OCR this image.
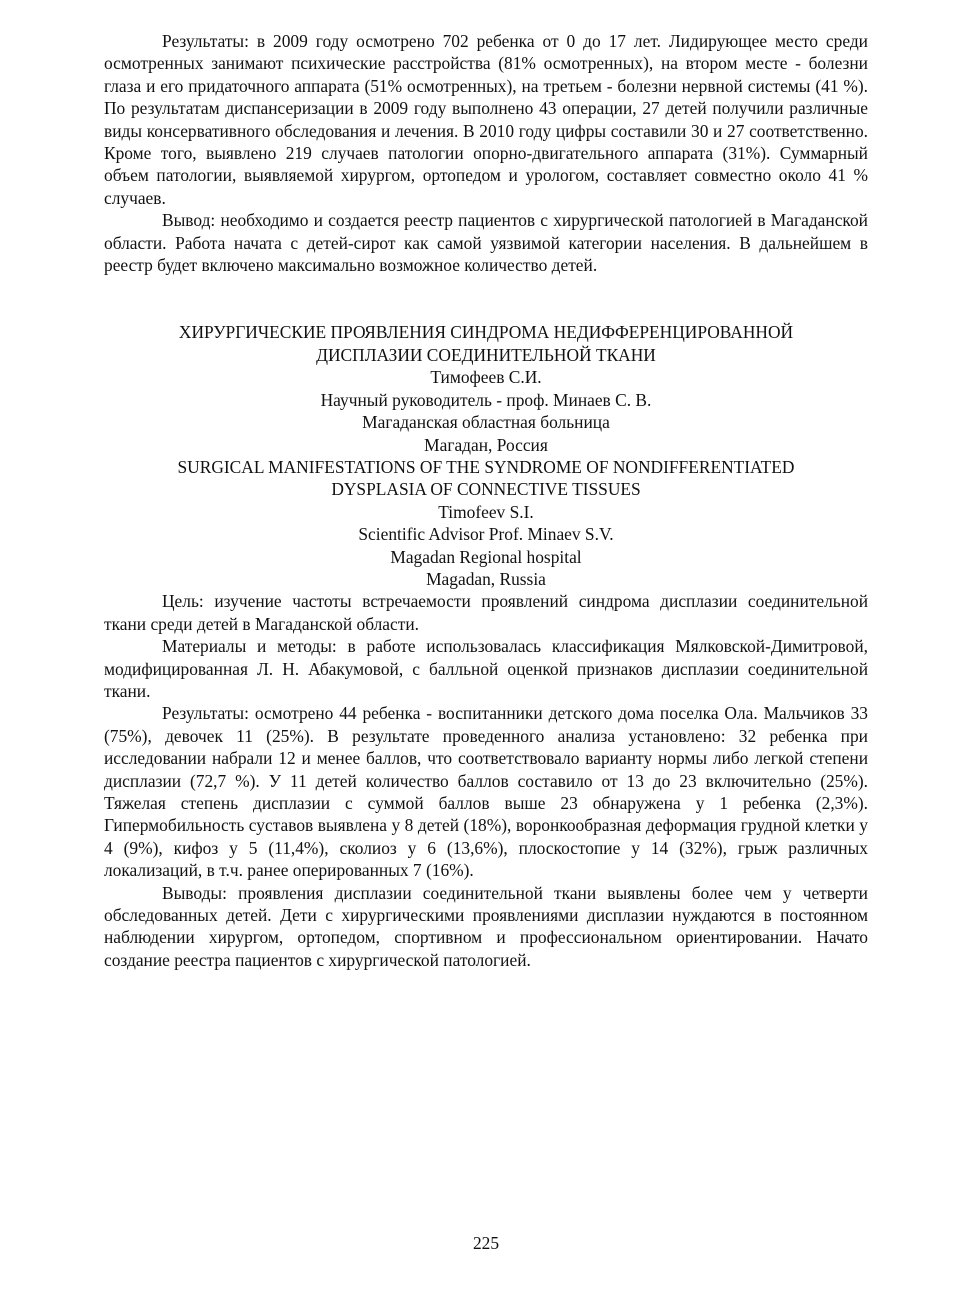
Результаты: в 2009 году осмотрено 702 ребенка от 0 до 17 лет. Лидирующее место среди осмотренных занимают психические расстройства (81% осмотренных), на втором месте - болезни глаза и его придаточного аппарата (51% осмотренных), на третьем - болезни нервной системы (41 %). По результатам диспансеризации в 2009 году выполнено 43 операции, 27 детей получили различные виды консервативного обследования и лечения. В 2010 году цифры составили 30 и 27 соответственно. Кроме того, выявлено 219 случаев патологии опорно-двигательного аппарата (31%). Суммарный объем патологии, выявляемой хирургом, ортопедом и урологом, составляет совместно около 41 % случаев.

Вывод: необходимо и создается реестр пациентов с хирургической патологией в Магаданской области. Работа начата с детей-сирот как самой уязвимой категории населения. В дальнейшем в реестр будет включено максимально возможное количество детей.

ХИРУРГИЧЕСКИЕ ПРОЯВЛЕНИЯ СИНДРОМА НЕДИФФЕРЕНЦИРОВАННОЙ

ДИСПЛАЗИИ СОЕДИНИТЕЛЬНОЙ ТКАНИ

Тимофеев С.И.

Научный руководитель - проф. Минаев С. В.

Магаданская областная больница

Магадан, Россия

SURGICAL MANIFESTATIONS OF THE SYNDROME OF NONDIFFERENTIATED

DYSPLASIA OF CONNECTIVE TISSUES

Timofeev S.I.

Scientific Advisor Prof. Minaev S.V.

Magadan Regional hospital

Magadan, Russia

Цель: изучение частоты встречаемости проявлений синдрома дисплазии соединительной ткани среди детей в Магаданской области.

Материалы и методы: в работе использовалась классификация Мялковской-Димитровой, модифицированная Л. Н. Абакумовой, с балльной оценкой признаков дисплазии соединительной ткани.

Результаты: осмотрено 44 ребенка - воспитанники детского дома поселка Ола. Мальчиков 33 (75%), девочек 11 (25%). В результате проведенного анализа установлено: 32 ребенка при исследовании набрали 12 и менее баллов, что соответствовало варианту нормы либо легкой степени дисплазии (72,7 %). У 11 детей количество баллов составило от 13 до 23 включительно (25%). Тяжелая степень дисплазии с суммой баллов выше 23 обнаружена у 1 ребенка (2,3%). Гипермобильность суставов выявлена у 8 детей (18%), воронкообразная деформация грудной клетки у 4 (9%), кифоз у 5 (11,4%), сколиоз у 6 (13,6%), плоскостопие у 14 (32%), грыж различных локализаций, в т.ч. ранее оперированных 7 (16%).

Выводы: проявления дисплазии соединительной ткани выявлены более чем у четверти обследованных детей. Дети с хирургическими проявлениями дисплазии нуждаются в постоянном наблюдении хирургом, ортопедом, спортивном и профессиональном ориентировании. Начато создание реестра пациентов с хирургической патологией.

225
